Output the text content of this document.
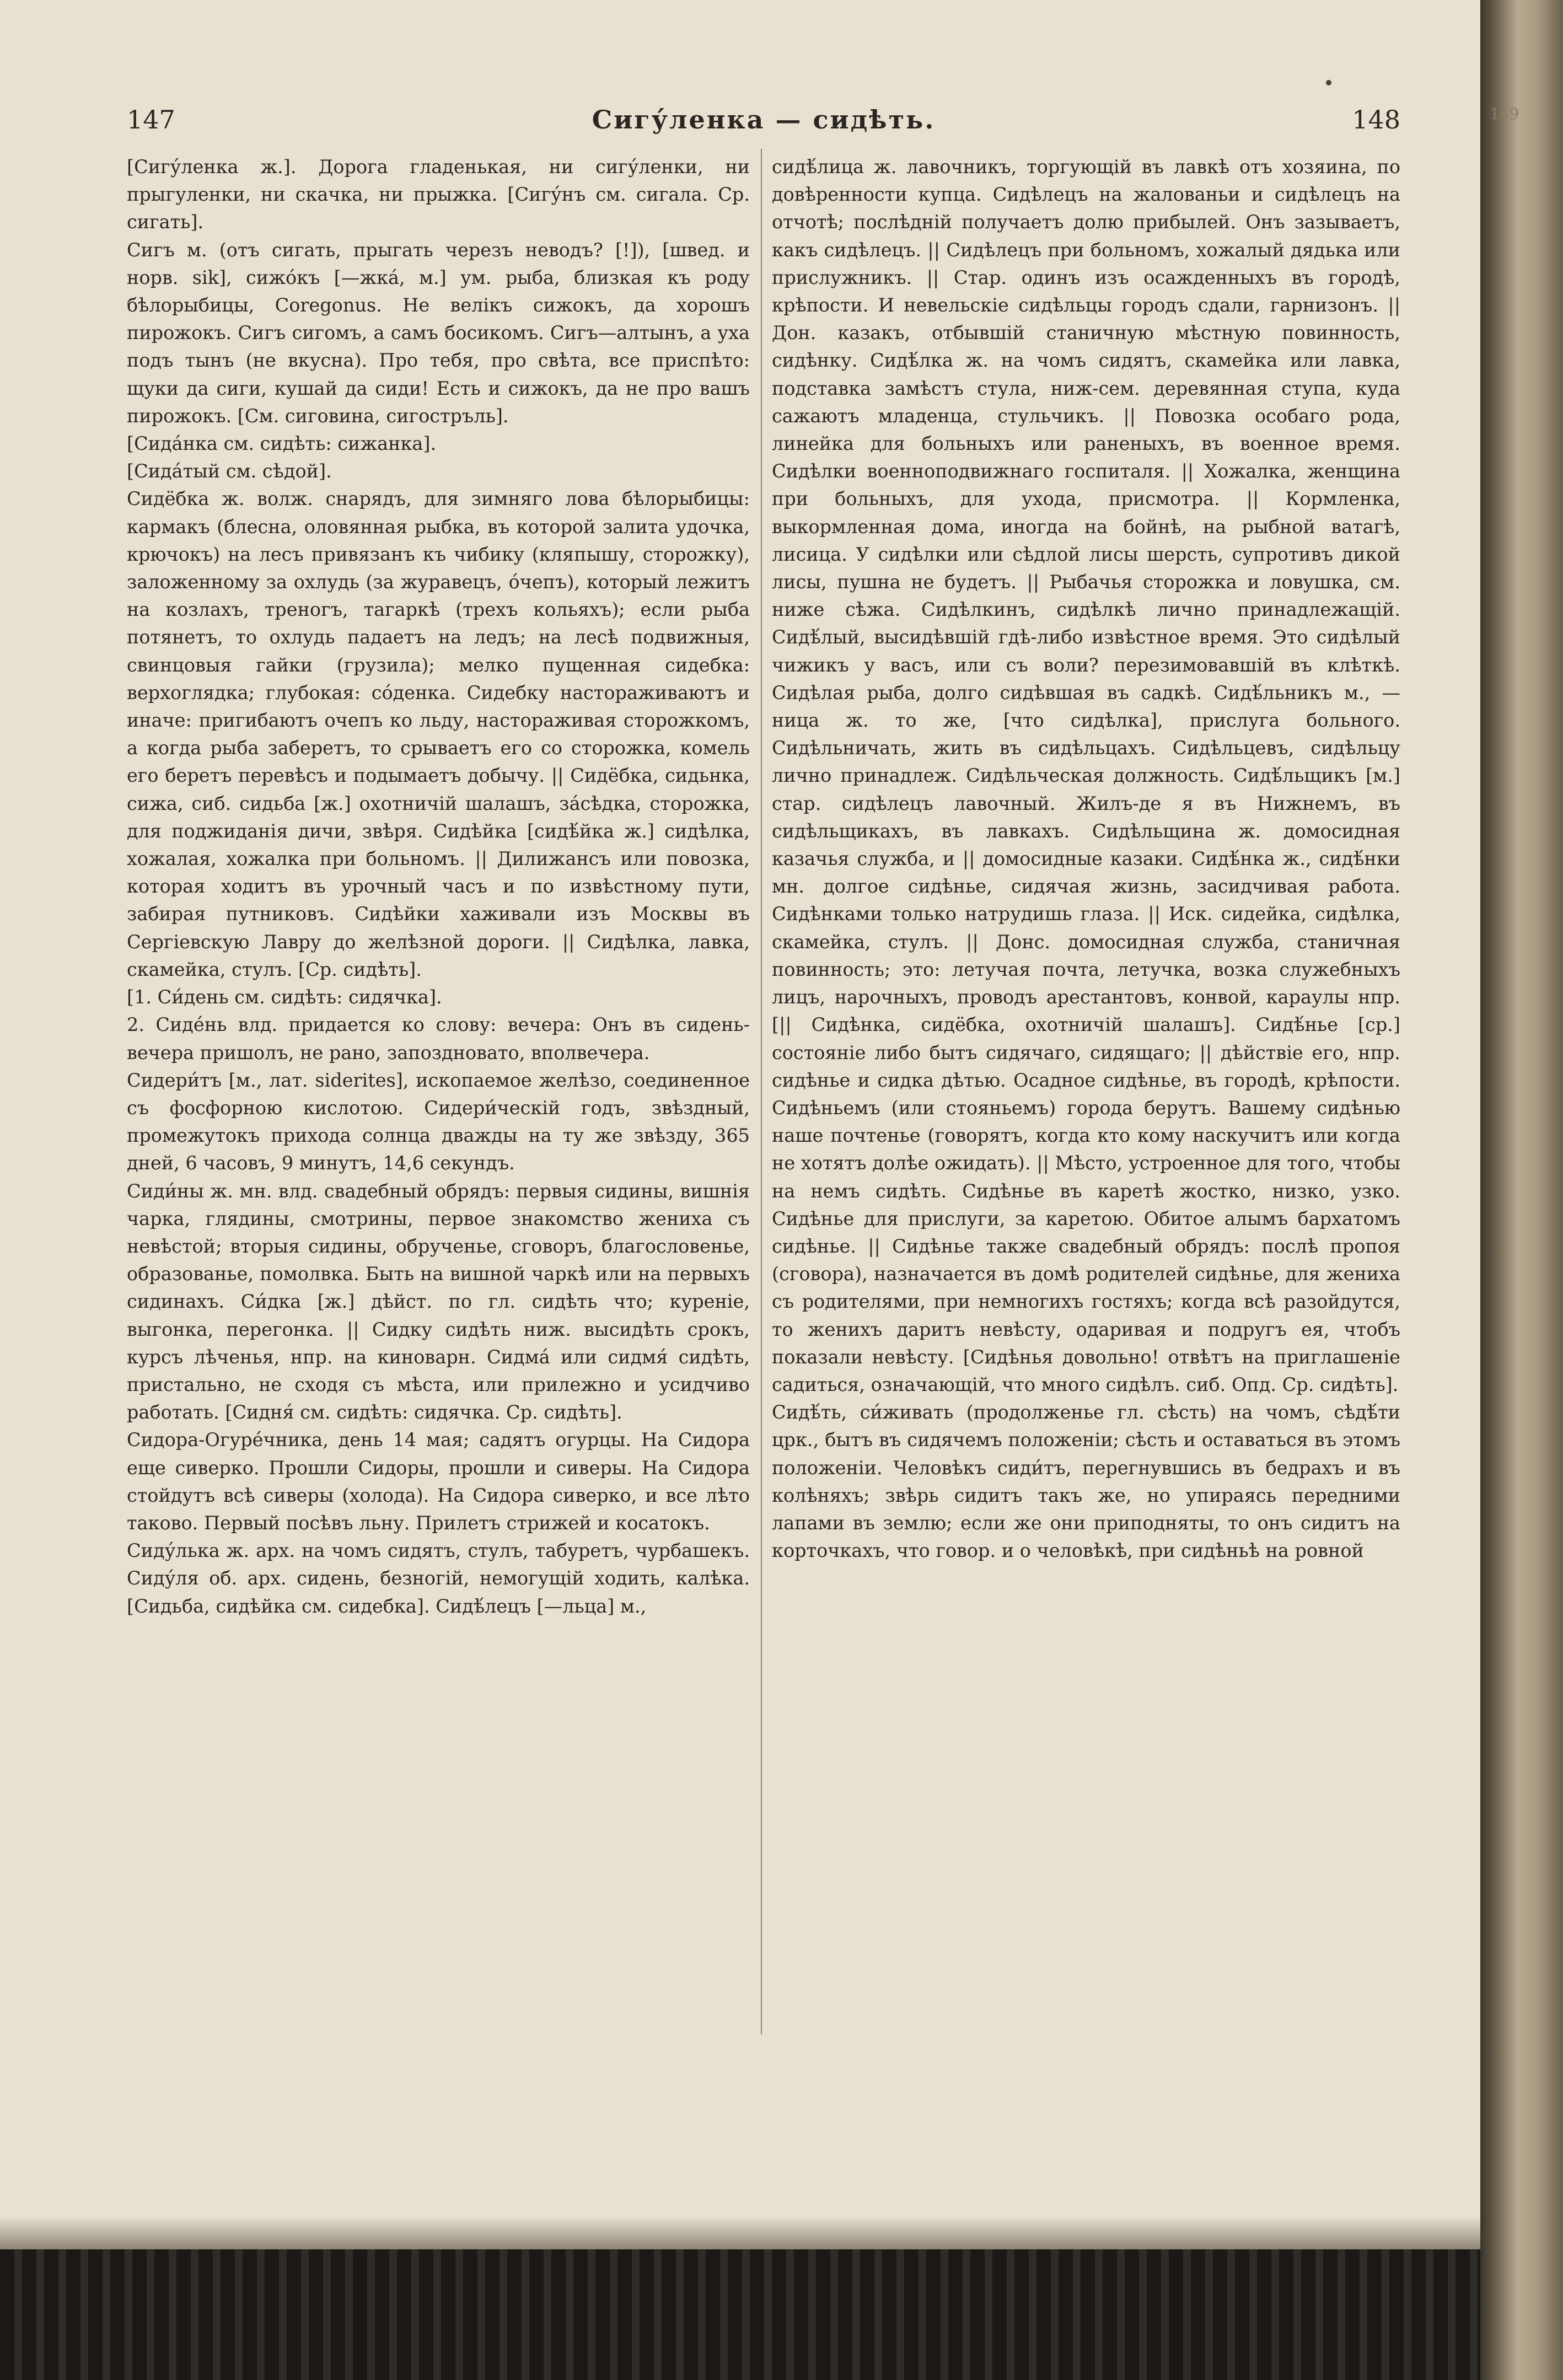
149
147	Сигу́ленка — сидѣть.	148

[Сигу́ленка ж.]. Дорога гладенькая, ни сигу́ленки, ни прыгуленки, ни скачка, ни прыжка. [Сигу́нъ см. сигала. Ср. сигать].

Сигъ м. (отъ сигать, прыгать черезъ неводъ? [!]), [швед. и норв. sik], сижо́къ [—жка́, м.] ум. рыба, близкая къ роду бѣлорыбицы, Coregonus. Не велікъ сижокъ, да хорошъ пирожокъ. Сигъ сигомъ, а самъ босикомъ. Сигъ—алтынъ, а уха подъ тынъ (не вкусна). Про тебя, про свѣта, все приспѣто: щуки да сиги, кушай да сиди! Есть и сижокъ, да не про вашъ пирожокъ. [См. сиговина, сигостръль].

[Сида́нка см. сидѣть: сижанка].

[Сида́тый см. сѣдой].

Сидёбка ж. волж. снарядъ, для зимняго лова бѣлорыбицы: кармакъ (блесна, оловянная рыбка, въ которой залита удочка, крючокъ) на лесъ привязанъ къ чибику (кляпышу, сторожку), заложенному за охлудь (за журавецъ, о́чепъ), который лежитъ на козлахъ, треногъ, тагаркѣ (трехъ кольяхъ); если рыба потянетъ, то охлудь падаетъ на ледъ; на лесѣ подвижныя, свинцовыя гайки (грузила); мелко пущенная сидебка: верхоглядка; глубокая: со́денка. Сидебку настораживаютъ и иначе: пригибаютъ очепъ ко льду, настораживая сторожкомъ, а когда рыба заберетъ, то срываетъ его со сторожка, комель его беретъ перевѣсъ и подымаетъ добычу. || Сидёбка, сидьнка, сижа, сиб. сидьба [ж.] охотничій шалашъ, за́сѣдка, сторожка, для поджиданія дичи, звѣря. Сидѣйка [сидѣ́йка ж.] сидѣлка, хожалая, хожалка при больномъ. || Дилижансъ или повозка, которая ходитъ въ урочный часъ и по извѣстному пути, забирая путниковъ. Сидѣйки хаживали изъ Москвы въ Сергіевскую Лавру до желѣзной дороги. || Сидѣлка, лавка, скамейка, стулъ. [Ср. сидѣть].

[1. Си́день см. сидѣть: сидячка].

2. Сиде́нь влд. придается ко слову: вечера: Онъ въ сидень-вечера пришолъ, не рано, запоздновато, вполвечера.

Сидери́тъ [м., лат. siderites], ископаемое желѣзо, соединенное съ фосфорною кислотою. Сидери́ческій годъ, звѣздный, промежутокъ прихода солнца дважды на ту же звѣзду, 365 дней, 6 часовъ, 9 минутъ, 14,6 секундъ.

Сиди́ны ж. мн. влд. свадебный обрядъ: первыя сидины, вишнія чарка, глядины, смотрины, первое знакомство жениха съ невѣстой; вторыя сидины, обрученье, сговоръ, благословенье, образованье, помолвка. Быть на вишной чаркѣ или на первыхъ сидинахъ. Си́дка [ж.] дѣйст. по гл. сидѣть что; куреніе, выгонка, перегонка. || Сидку сидѣть ниж. высидѣть срокъ, курсъ лѣченья, нпр. на киноварн. Сидма́ или сидмя́ сидѣть, пристально, не сходя съ мѣста, или прилежно и усидчиво работать. [Сидня́ см. сидѣть: сидячка. Ср. сидѣть].

Сидора-Огуре́чника, день 14 мая; садятъ огурцы. На Сидора еще сиверко. Прошли Сидоры, прошли и сиверы. На Сидора стойдутъ всѣ сиверы (холода). На Сидора сиверко, и все лѣто таково. Первый посѣвъ льну. Прилетъ стрижей и косатокъ.

Сиду́лька ж. арх. на чомъ сидятъ, стулъ, табуретъ, чурбашекъ. Сиду́ля об. арх. сидень, безногій, немогущій ходить, калѣка. [Сидьба, сидѣйка см. сидебка]. Сидѣ́лецъ [—льца] м.,

сидѣ́лица ж. лавочникъ, торгующій въ лавкѣ отъ хозяина, по довѣренности купца. Сидѣлецъ на жалованьи и сидѣлецъ на отчотѣ; послѣдній получаетъ долю прибылей. Онъ зазываетъ, какъ сидѣлецъ. || Сидѣлецъ при больномъ, хожалый дядька или прислужникъ. || Стар. одинъ изъ осажденныхъ въ городѣ, крѣпости. И невельскіе сидѣльцы городъ сдали, гарнизонъ. || Дон. казакъ, отбывшій станичную мѣстную повинность, сидѣнку. Сидѣ́лка ж. на чомъ сидятъ, скамейка или лавка, подставка замѣстъ стула, ниж-сем. деревянная ступа, куда сажаютъ младенца, стульчикъ. || Повозка особаго рода, линейка для больныхъ или раненыхъ, въ военное время. Сидѣлки военноподвижнаго госпиталя. || Хожалка, женщина при больныхъ, для ухода, присмотра. || Кормленка, выкормленная дома, иногда на бойнѣ, на рыбной ватагѣ, лисица. У сидѣлки или сѣдлой лисы шерсть, супротивъ дикой лисы, пушна не будетъ. || Рыбачья сторожка и ловушка, см. ниже сѣжа. Сидѣлкинъ, сидѣлкѣ лично принадлежащій. Сидѣ́лый, высидѣвшій гдѣ-либо извѣстное время. Это сидѣлый чижикъ у васъ, или съ воли? перезимовавшій въ клѣткѣ. Сидѣлая рыба, долго сидѣвшая въ садкѣ. Сидѣ́льникъ м., —ница ж. то же, [что сидѣлка], прислуга больного. Сидѣльничать, жить въ сидѣльцахъ. Сидѣльцевъ, сидѣльцу лично принадлеж. Сидѣльческая должность. Сидѣ́льщикъ [м.] стар. сидѣлецъ лавочный. Жилъ-де я въ Нижнемъ, въ сидѣльщикахъ, въ лавкахъ. Сидѣльщина ж. домосидная казачья служба, и || домосидные казаки. Сидѣ́нка ж., сидѣ́нки мн. долгое сидѣнье, сидячая жизнь, засидчивая работа. Сидѣнками только натрудишь глаза. || Иск. сидейка, сидѣлка, скамейка, стулъ. || Донс. домосидная служба, станичная повинность; это: летучая почта, летучка, возка служебныхъ лицъ, нарочныхъ, проводъ арестантовъ, конвой, караулы нпр. [|| Сидѣнка, сидёбка, охотничій шалашъ]. Сидѣ́нье [ср.] состояніе либо бытъ сидячаго, сидящаго; || дѣйствіе его, нпр. сидѣнье и сидка дѣтью. Осадное сидѣнье, въ городѣ, крѣпости. Сидѣньемъ (или стояньемъ) города берутъ. Вашему сидѣнью наше почтенье (говорятъ, когда кто кому наскучитъ или когда не хотятъ долѣе ожидать). || Мѣсто, устроенное для того, чтобы на немъ сидѣть. Сидѣнье въ каретѣ жостко, низко, узко. Сидѣнье для прислуги, за каретою. Обитое алымъ бархатомъ сидѣнье. || Сидѣнье также свадебный обрядъ: послѣ пропоя (сговора), назначается въ домѣ родителей сидѣнье, для жениха съ родителями, при немногихъ гостяхъ; когда всѣ разойдутся, то женихъ даритъ невѣсту, одаривая и подругъ ея, чтобъ показали невѣсту. [Сидѣнья довольно! отвѣтъ на приглашеніе садиться, означающій, что много сидѣлъ. сиб. Опд. Ср. сидѣть].

Сидѣ́ть, си́живать (продолженье гл. сѣсть) на чомъ, сѣдѣ́ти црк., бытъ въ сидячемъ положеніи; сѣсть и оставаться въ этомъ положеніи. Человѣкъ сиди́тъ, перегнувшись въ бедрахъ и въ колѣняхъ; звѣрь сидитъ такъ же, но упираясь передними лапами въ землю; если же они приподняты, то онъ сидитъ на корточкахъ, что говор. и о человѣкѣ, при сидѣньѣ на ровной
